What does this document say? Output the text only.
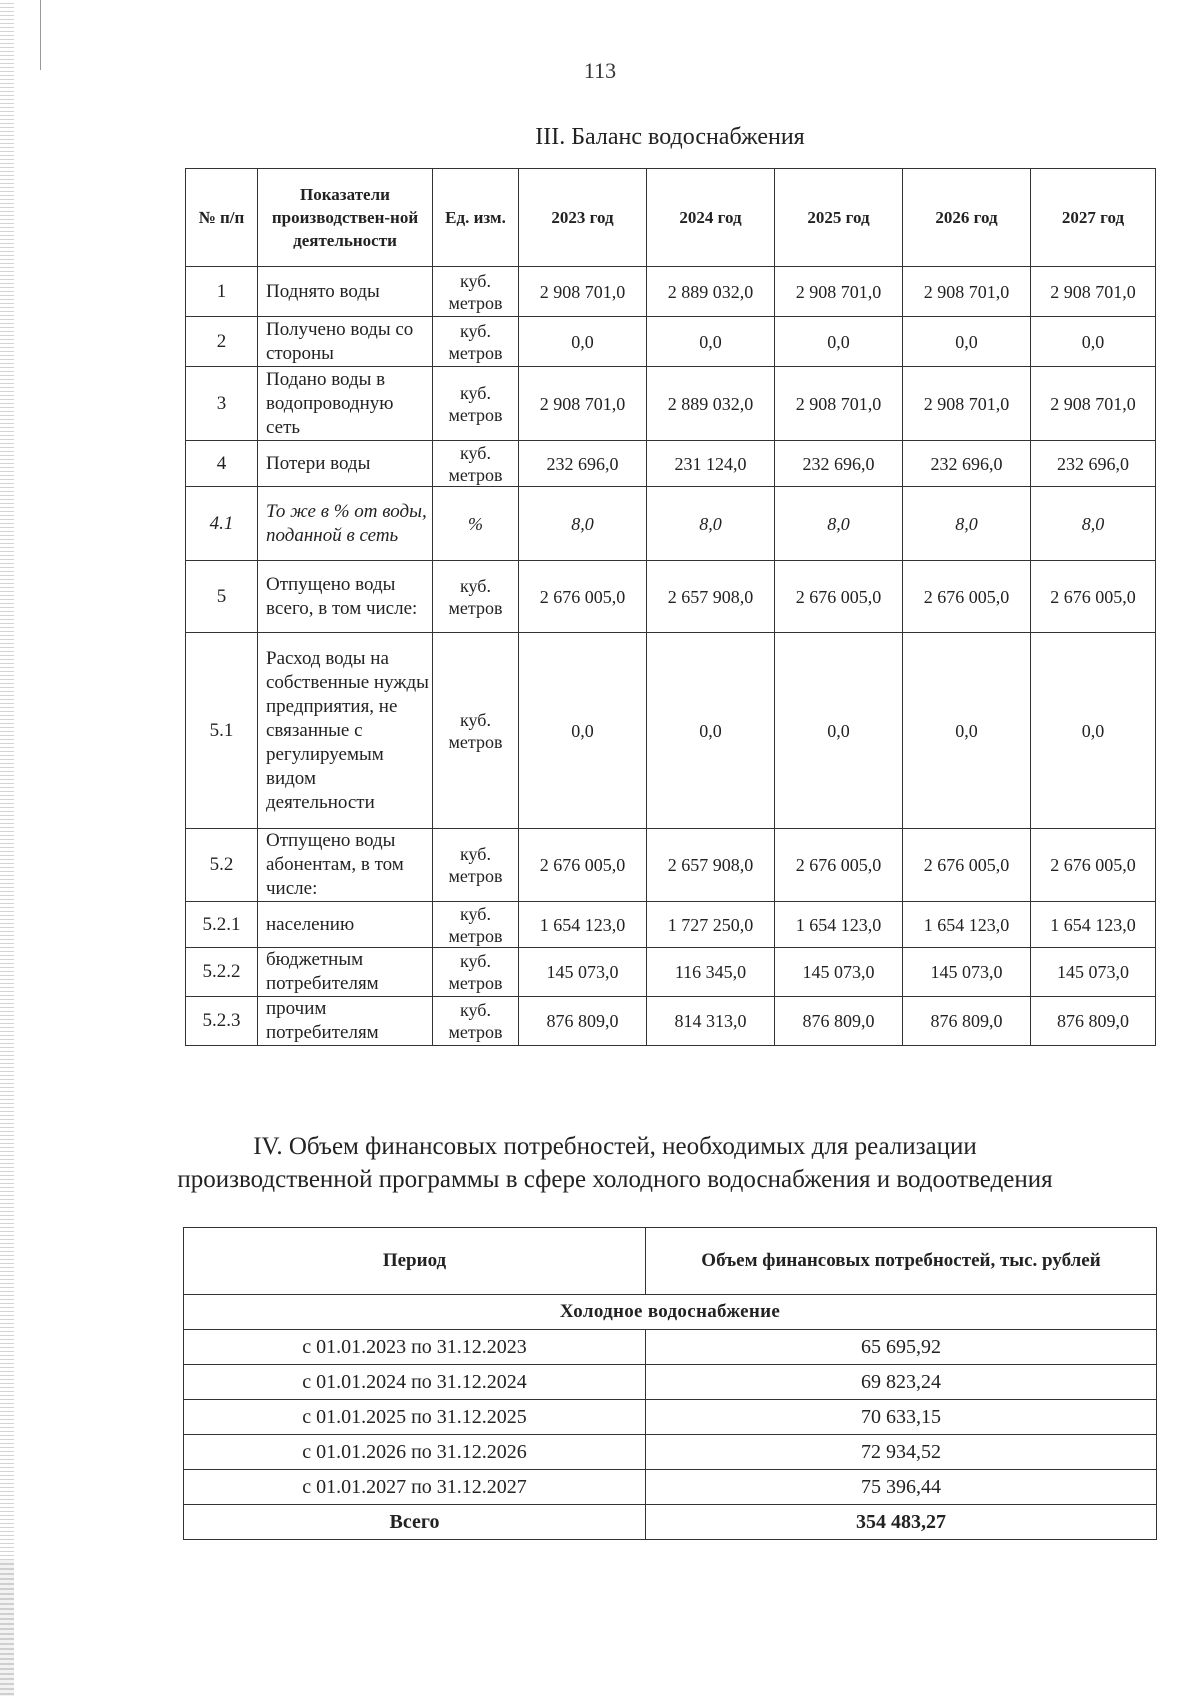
113
III. Баланс водоснабжения
№ п/п	Показатели производствен-ной деятельности	Ед. изм.	2023 год	2024 год	2025 год	2026 год	2027 год
1	Поднято воды	куб. метров	2 908 701,0	2 889 032,0	2 908 701,0	2 908 701,0	2 908 701,0
2	Получено воды со стороны	куб. метров	0,0	0,0	0,0	0,0	0,0
3	Подано воды в водопроводную сеть	куб. метров	2 908 701,0	2 889 032,0	2 908 701,0	2 908 701,0	2 908 701,0
4	Потери воды	куб. метров	232 696,0	231 124,0	232 696,0	232 696,0	232 696,0
4.1	То же в % от воды, поданной в сеть	%	8,0	8,0	8,0	8,0	8,0
5	Отпущено воды всего, в том числе:	куб. метров	2 676 005,0	2 657 908,0	2 676 005,0	2 676 005,0	2 676 005,0
5.1	Расход воды на собственные нужды предприятия, не связанные с регулируемым видом деятельности	куб. метров	0,0	0,0	0,0	0,0	0,0
5.2	Отпущено воды абонентам, в том числе:	куб. метров	2 676 005,0	2 657 908,0	2 676 005,0	2 676 005,0	2 676 005,0
5.2.1	населению	куб. метров	1 654 123,0	1 727 250,0	1 654 123,0	1 654 123,0	1 654 123,0
5.2.2	бюджетным потребителям	куб. метров	145 073,0	116 345,0	145 073,0	145 073,0	145 073,0
5.2.3	прочим потребителям	куб. метров	876 809,0	814 313,0	876 809,0	876 809,0	876 809,0
IV. Объем финансовых потребностей, необходимых для реализации
производственной программы в сфере холодного водоснабжения и водоотведения
Период	Объем финансовых потребностей, тыс. рублей
Холодное водоснабжение	
с 01.01.2023 по 31.12.2023	65 695,92
с 01.01.2024 по 31.12.2024	69 823,24
с 01.01.2025 по 31.12.2025	70 633,15
с 01.01.2026 по 31.12.2026	72 934,52
с 01.01.2027 по 31.12.2027	75 396,44
Всего	354 483,27
